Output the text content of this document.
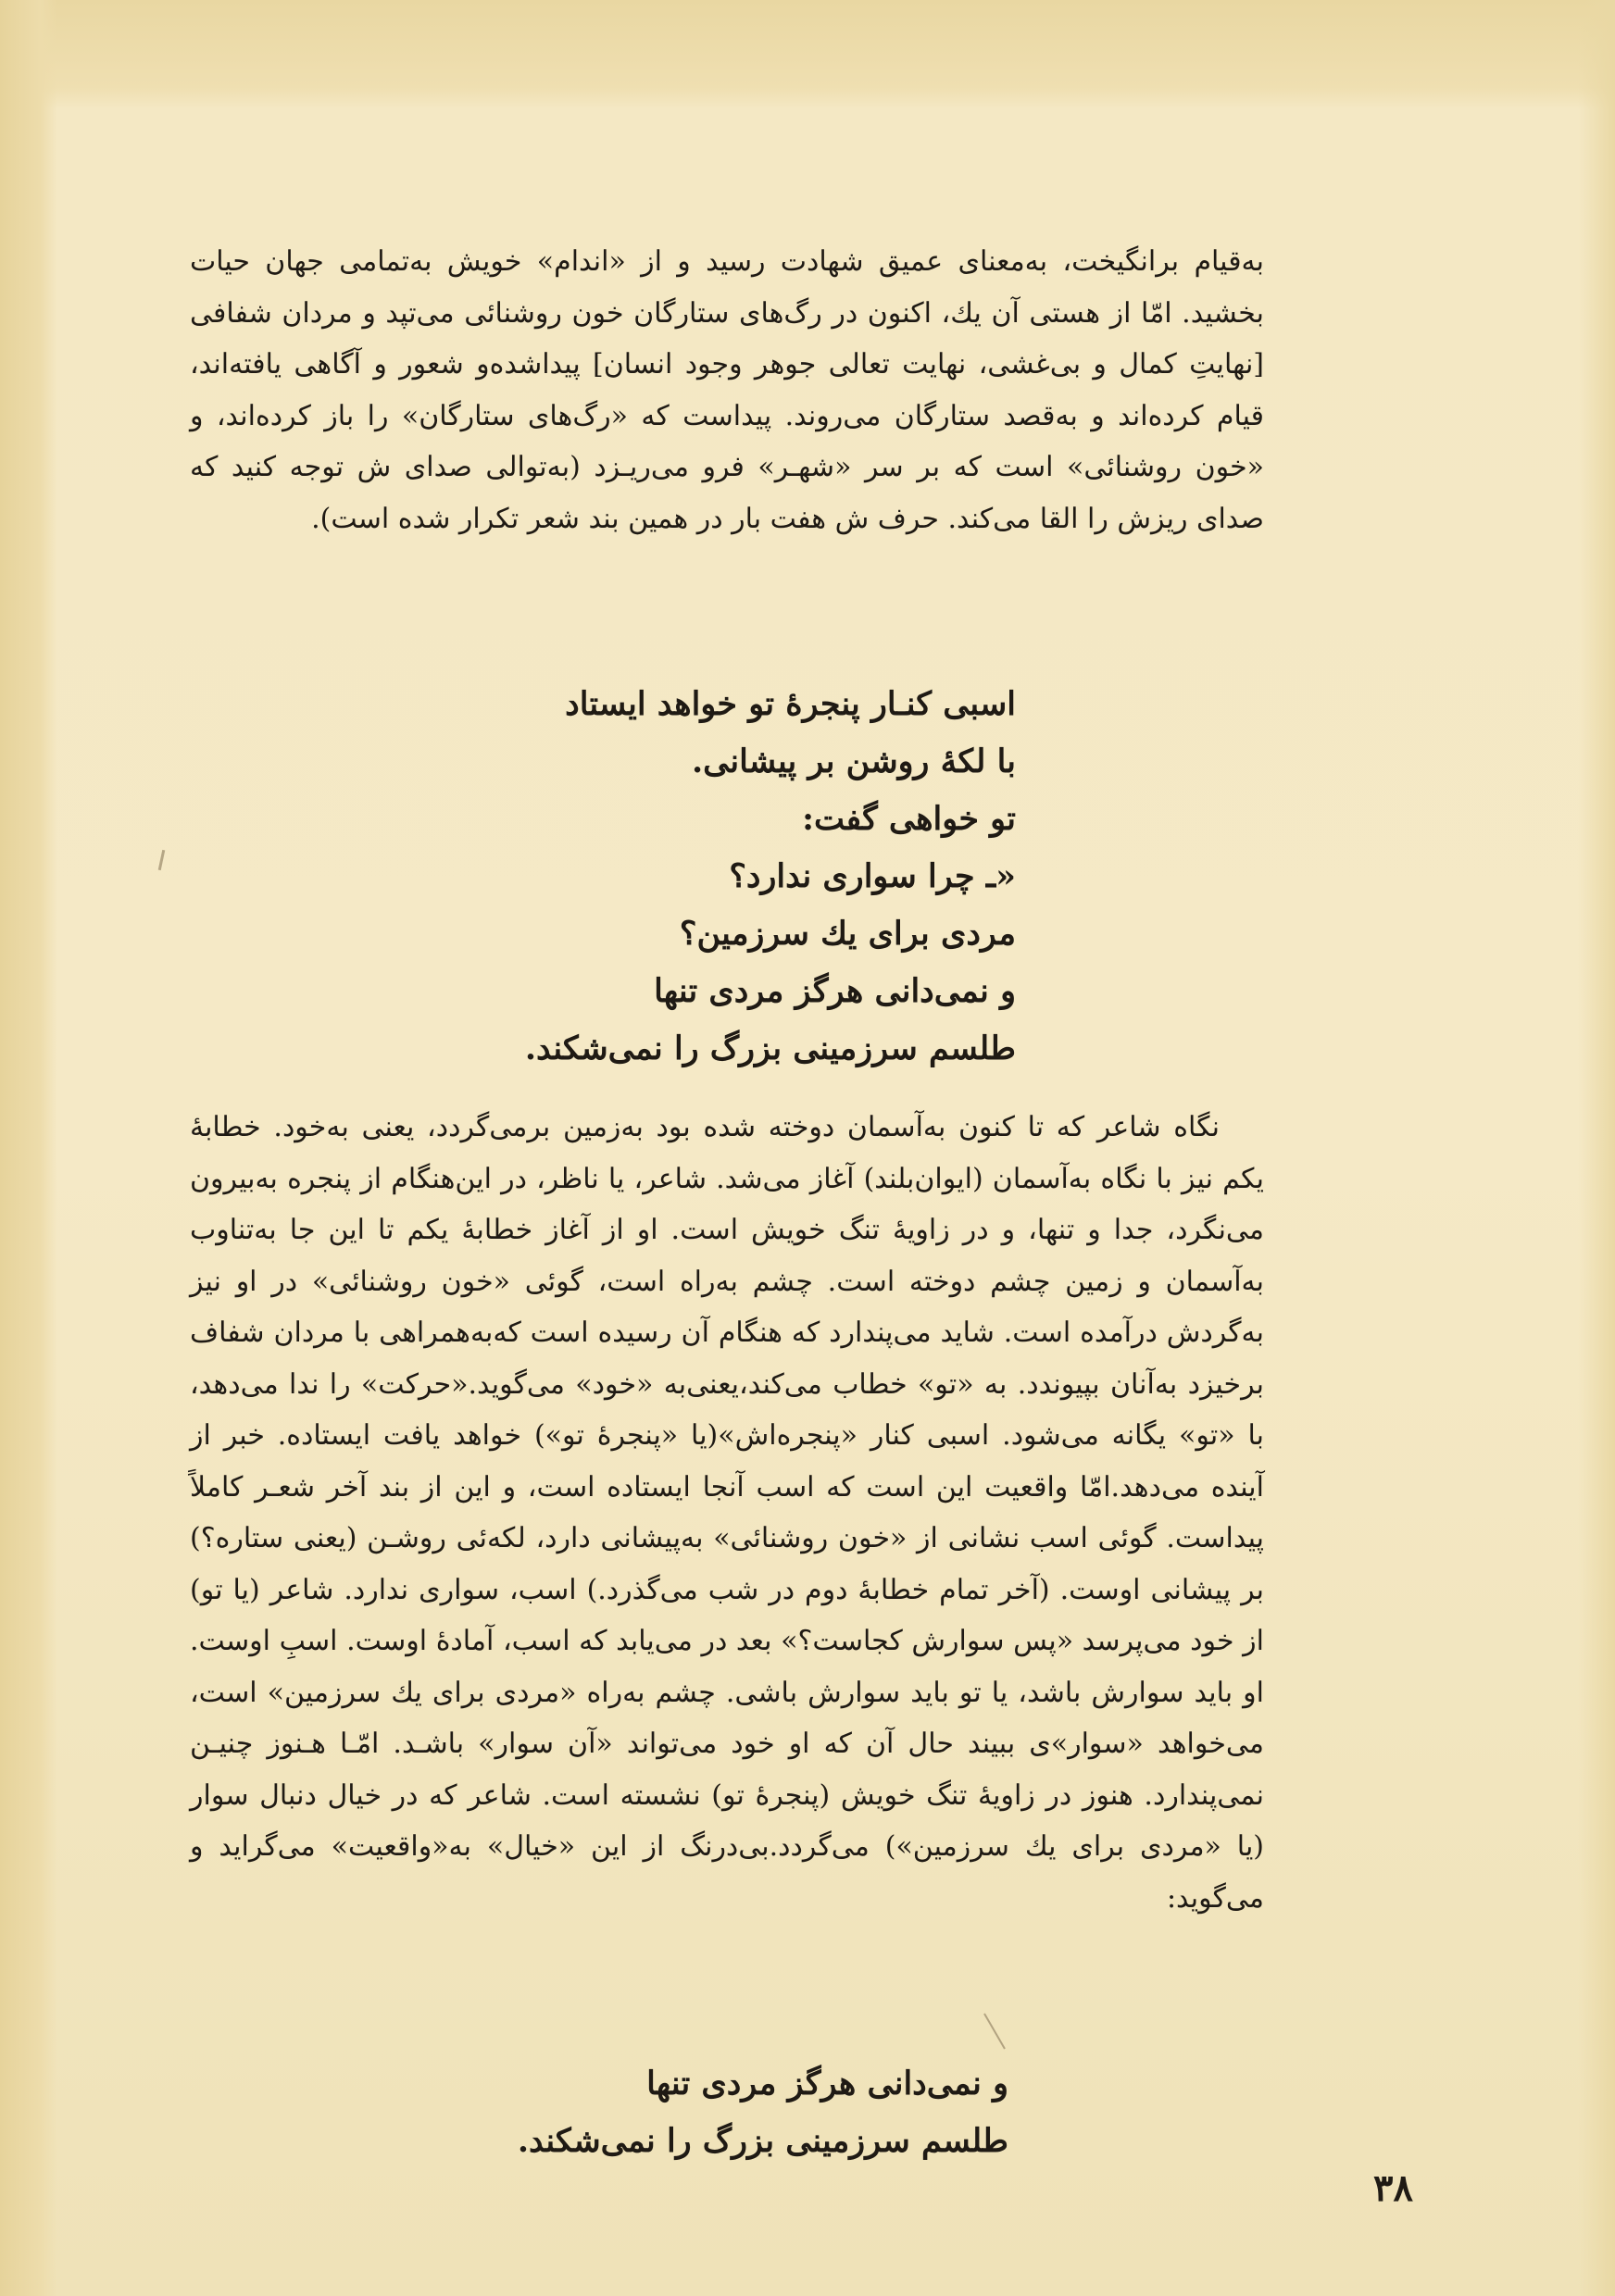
به‌قیام برانگیخت، به‌معنای عمیق شهادت رسید و از «اندام» خویش به‌تمامی جهان حیات بخشید. امّا از هستی آن یك، اکنون در رگ‌های ستارگان خون روشنائی می‌تپد و مردان شفافی [نهایتِ کمال و بی‌غشی، نهایت تعالی جوهر وجود انسان] پیداشده‌و شعور و آگاهی یافته‌اند، قیام کرده‌اند و به‌قصد ستارگان می‌روند. پیداست که «رگ‌های ستارگان» را باز کرده‌اند، و «خون روشنائی» است که بر سر «شهـر» فرو می‌ریـزد (به‌توالی صدای ش توجه کنید که صدای ریزش را القا می‌کند. حرف ش هفت بار در همین بند شعر تکرار شده است).

اسبی کنـار پنجرهٔ تو خواهد ایستاد
با لکهٔ روشن بر پیشانی.
تو خواهی گفت:
«ـ چرا سواری ندارد؟
مردی برای یك سرزمین؟
و نمی‌دانی هرگز مردی تنها
طلسم سرزمینی بزرگ را نمی‌شکند.

نگاه شاعر که تا کنون به‌آسمان دوخته شده بود به‌زمین برمی‌گردد، یعنی به‌خود. خطابهٔ یکم نیز با نگاه به‌آسمان (ایوان‌بلند) آغاز می‌شد. شاعر، یا ناظر، در این‌هنگام از پنجره به‌بیرون می‌نگرد، جدا و تنها، و در زاویهٔ تنگ خویش است. او از آغاز خطابهٔ یکم تا این جا به‌تناوب به‌آسمان و زمین چشم دوخته است. چشم به‌راه است، گوئی «خون روشنائی» در او نیز به‌گردش درآمده است. شاید می‌پندارد که هنگام آن رسیده است که‌به‌همراهی با مردان شفاف برخیزد به‌آنان بپیوندد. به «تو» خطاب می‌کند،یعنی‌به «خود» می‌گوید.«حرکت» را ندا می‌دهد، با «تو» یگانه می‌شود. اسبی کنار «پنجره‌اش»(یا «پنجرهٔ تو») خواهد یافت ایستاده. خبر از آینده می‌دهد.امّا واقعیت این است که اسب آنجا ایستاده است، و این از بند آخر شعـر کاملاً پیداست. گوئی اسب نشانی از «خون روشنائی» به‌پیشانی دارد، لکه‌ئی روشـن (یعنی ستاره؟) بر پیشانی اوست. (آخر تمام خطابهٔ دوم در شب می‌گذرد.) اسب، سواری ندارد. شاعر (یا تو) از خود می‌پرسد «پس سوارش کجاست؟» بعد در می‌یابد که اسب، آمادهٔ اوست. اسبِ اوست. او باید سوارش باشد، یا تو باید سوارش باشی. چشم به‌راه «مردی برای یك سرزمین» است، می‌خواهد «سوار»ی ببیند حال آن که او خود می‌تواند «آن سوار» باشـد. امّـا هـنوز چنیـن نمی‌پندارد. هنوز در زاویهٔ تنگ خویش (پنجرهٔ تو) نشسته است. شاعر که در خیال دنبال سوار (یا «مردی برای یك سرزمین») می‌گردد.بی‌درنگ از این «خیال» به‌«واقعیت» می‌گراید و می‌گوید:

و نمی‌دانی هرگز مردی تنها
طلسم سرزمینی بزرگ را نمی‌شکند.
۳۸
